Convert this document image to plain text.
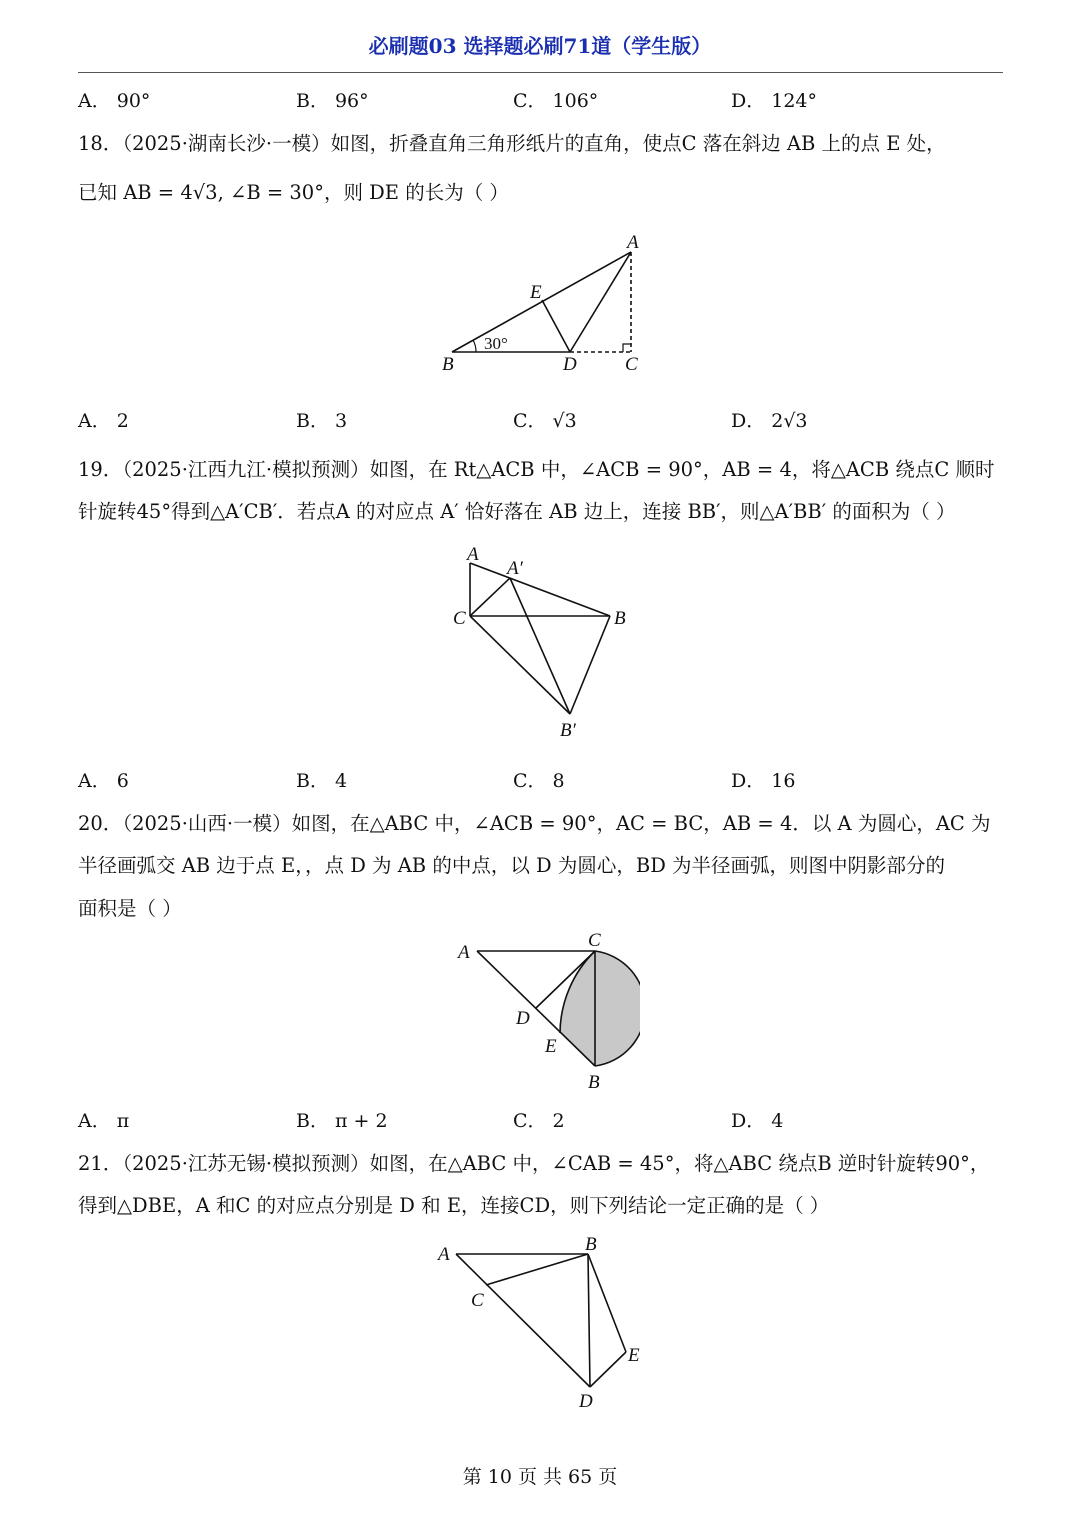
必刷题03 选择题必刷71道（学生版）
A． 90°	B． 96°	C． 106°	D． 124°
18．（2025·湖南长沙·一模）如图，折叠直角三角形纸片的直角，使点C 落在斜边 AB 上的点 E 处，
已知 AB = 4√3, ∠B = 30°，则 DE 的长为（ ）
A
B	C
D
E
30°
A． 2	B． 3	C． √3	D． 2√3
19．（2025·江西九江·模拟预测）如图，在 Rt△ACB 中，∠ACB = 90°，AB = 4，将△ACB 绕点C 顺时
针旋转45°得到△A′CB′．若点A 的对应点 A′ 恰好落在 AB 边上，连接 BB′，则△A′BB′ 的面积为（ ）
A
A′
B
B′
C
A． 6	B． 4	C． 8	D． 16
20．（2025·山西·一模）如图，在△ABC 中，∠ACB = 90°，AC = BC，AB = 4．以 A 为圆心，AC 为
半径画弧交 AB 边于点 E，，点 D 为 AB 的中点，以 D 为圆心，BD 为半径画弧，则图中阴影部分的
面积是（ ）
A
C
D
E
B
A． π	B． π + 2	C． 2	D． 4
21．（2025·江苏无锡·模拟预测）如图，在△ABC 中，∠CAB = 45°，将△ABC 绕点B 逆时针旋转90°，
得到△DBE，A 和C 的对应点分别是 D 和 E，连接CD，则下列结论一定正确的是（ ）
A	B
C
E
D
第 10 页 共 65 页
